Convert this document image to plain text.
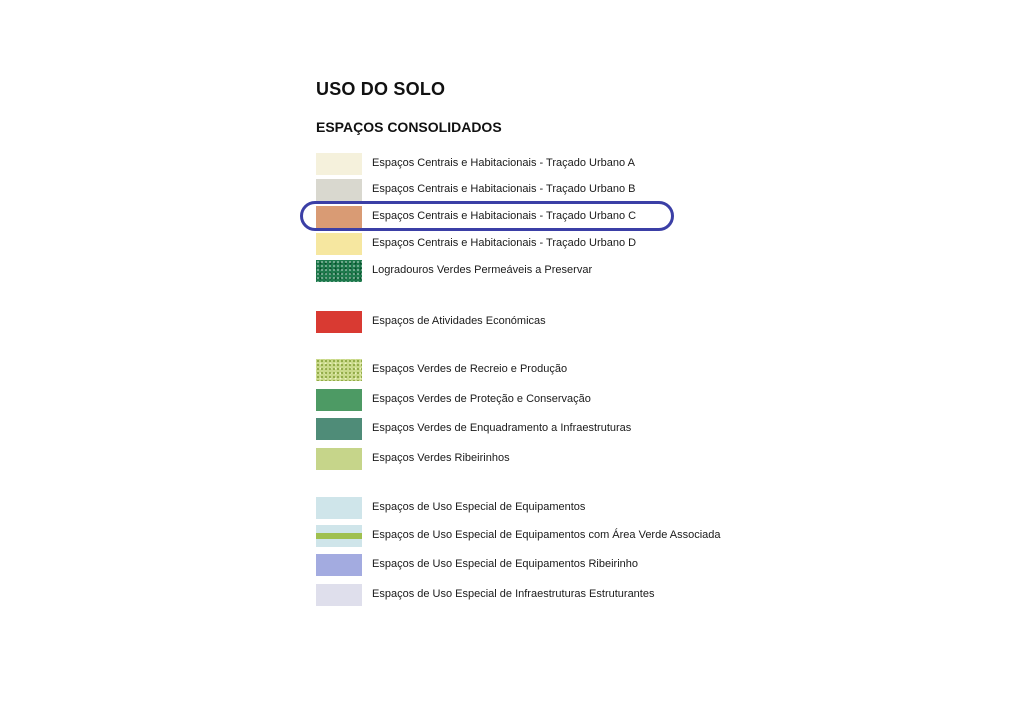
USO DO SOLO
ESPAÇOS CONSOLIDADOS
Espaços Centrais e Habitacionais - Traçado Urbano A
Espaços Centrais e Habitacionais - Traçado Urbano B
Espaços Centrais e Habitacionais - Traçado Urbano C
Espaços Centrais e Habitacionais - Traçado Urbano D
Logradouros Verdes Permeáveis a Preservar
Espaços de Atividades Económicas
Espaços Verdes de Recreio e Produção
Espaços Verdes de Proteção e Conservação
Espaços Verdes de Enquadramento a Infraestruturas
Espaços Verdes Ribeirinhos
Espaços de Uso Especial de Equipamentos
Espaços de Uso Especial de Equipamentos com Área Verde Associada
Espaços de Uso Especial de Equipamentos Ribeirinho
Espaços de Uso Especial de Infraestruturas Estruturantes
